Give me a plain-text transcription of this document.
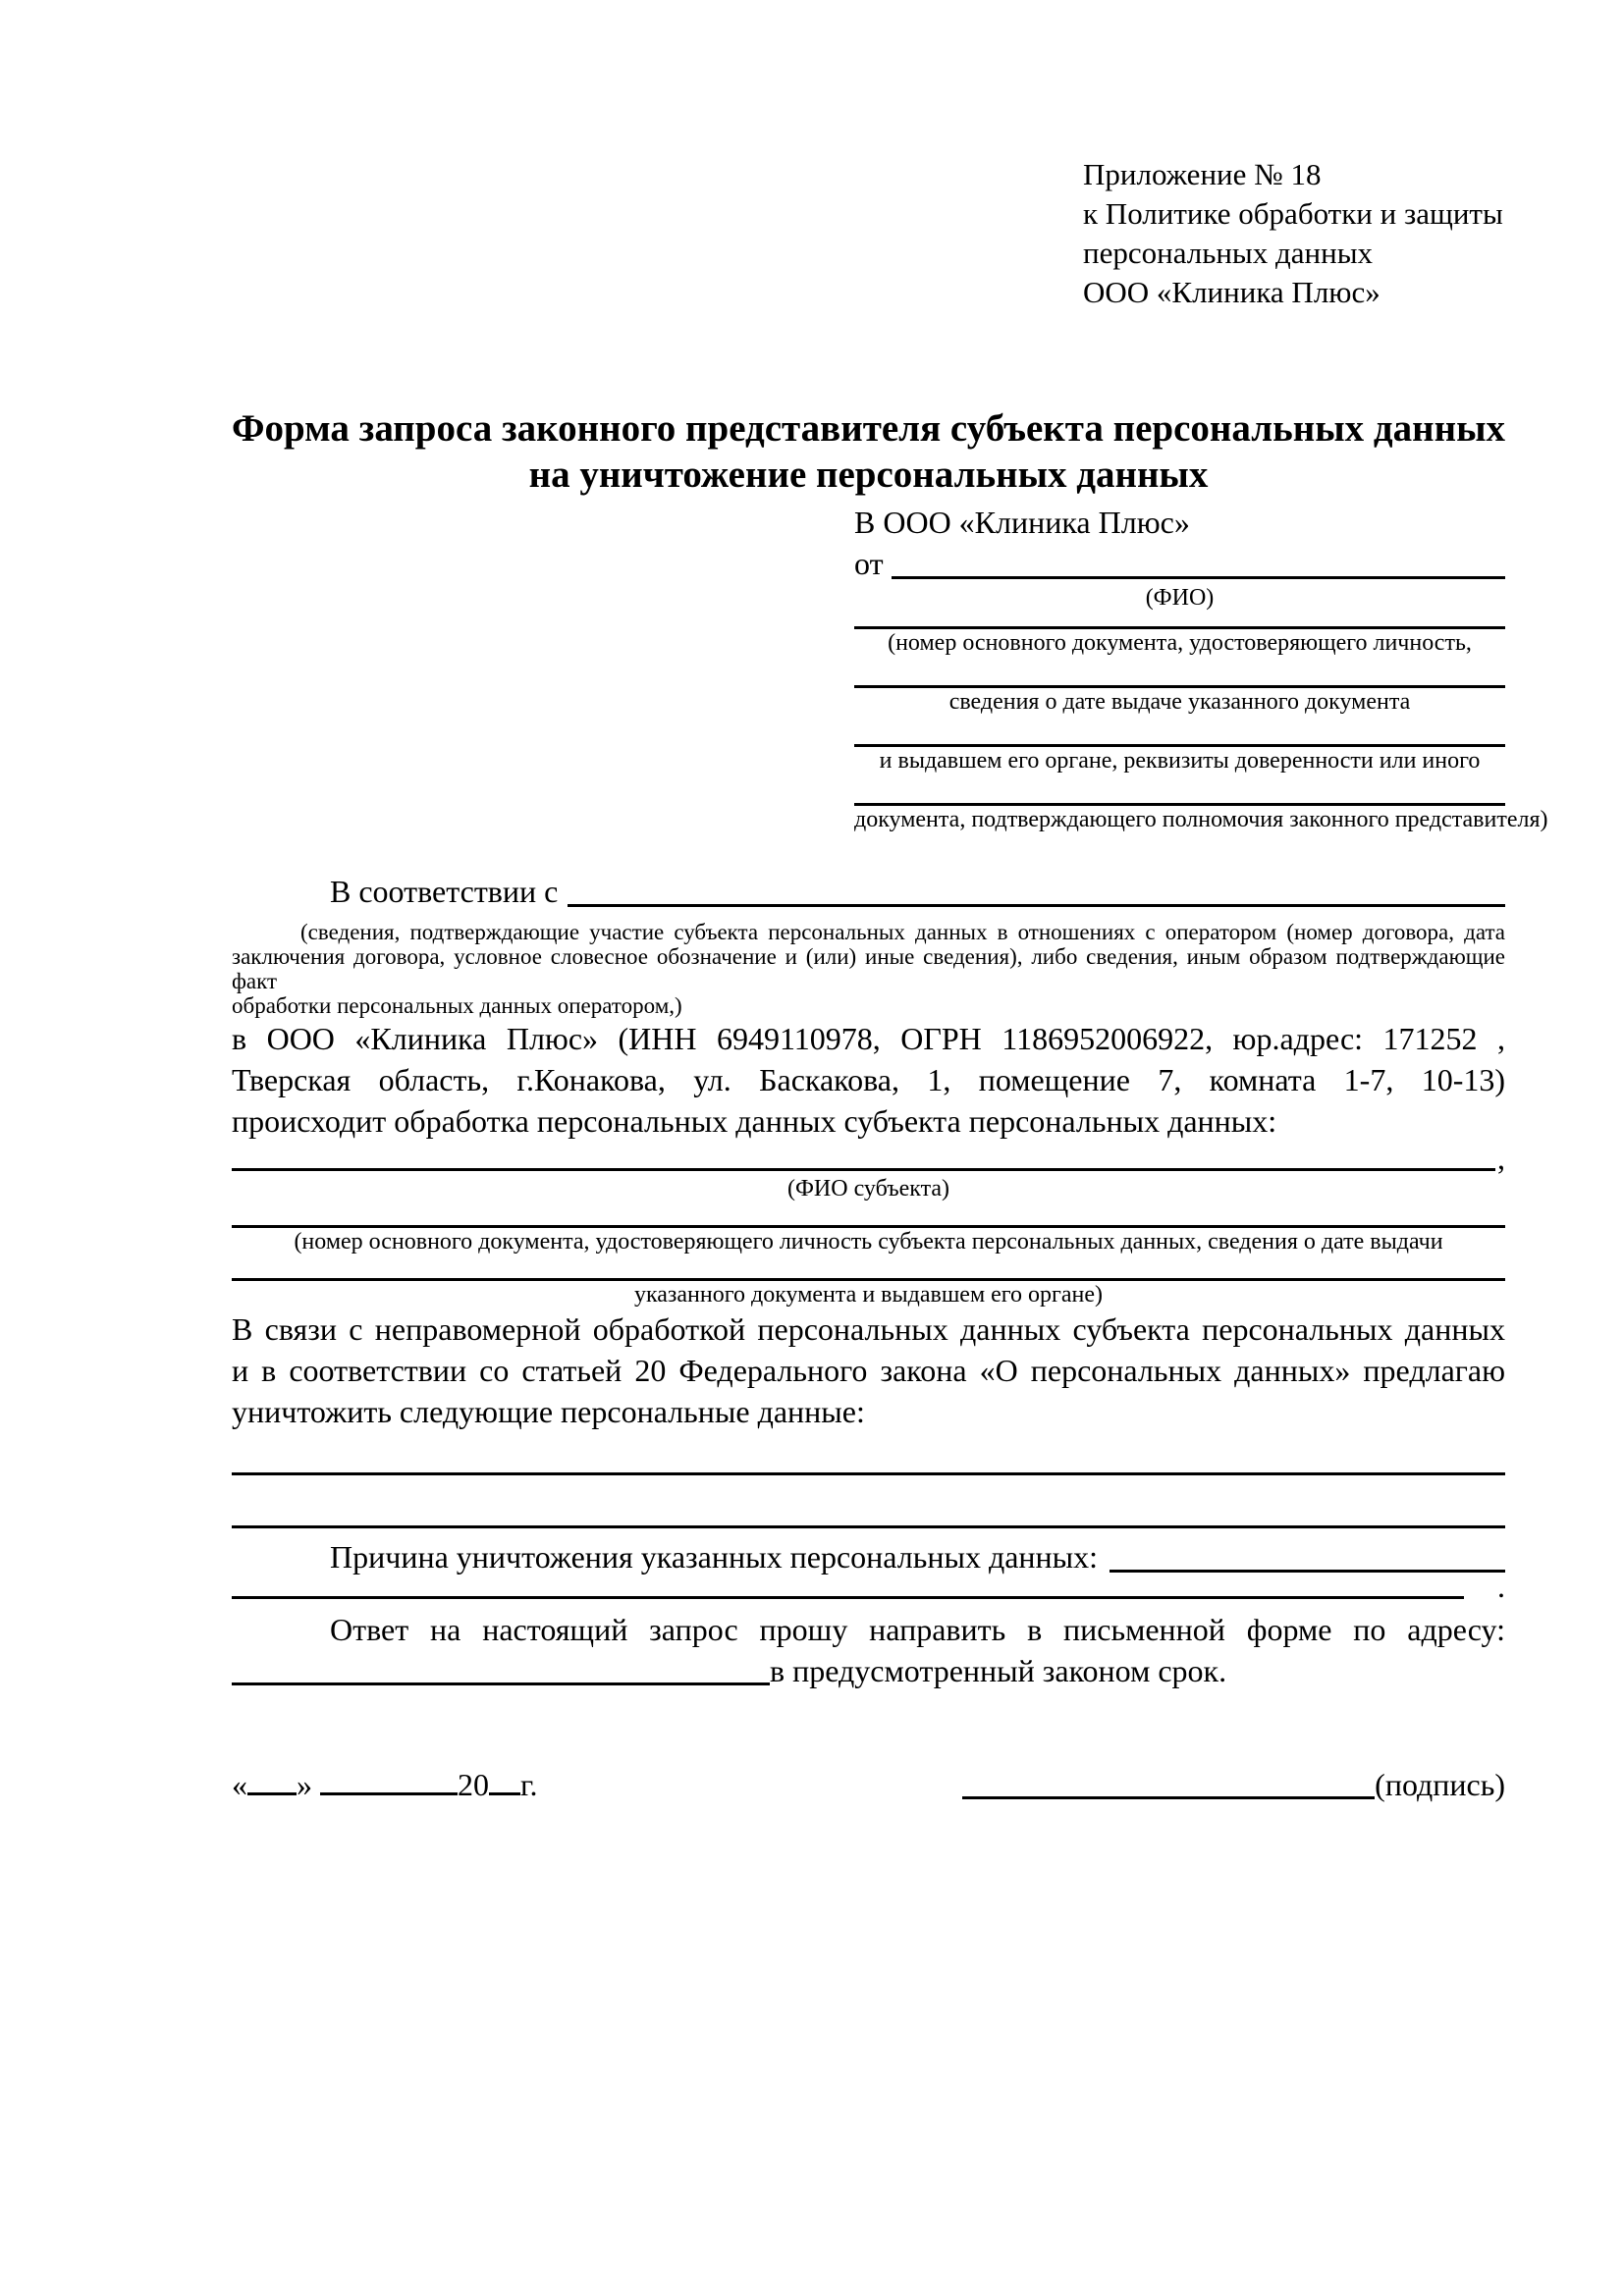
Приложение № 18
к Политике обработки и защиты
персональных данных
ООО «Клиника Плюс»
Форма запроса законного представителя субъекта персональных данных
на уничтожение персональных данных
В ООО «Клиника Плюс»
от
(ФИО)
(номер основного документа, удостоверяющего личность,
сведения о дате выдаче указанного документа
и выдавшем его органе, реквизиты доверенности или иного
документа, подтверждающего полномочия законного представителя)
В соответствии с
(сведения, подтверждающие участие субъекта персональных данных в отношениях с оператором (номер договора, дата
заключения договора, условное словесное обозначение и (или) иные сведения), либо сведения, иным образом подтверждающие факт
обработки персональных данных оператором,)
в ООО «Клиника Плюс» (ИНН 6949110978, ОГРН 1186952006922, юр.адрес: 171252 ,
Тверская область, г.Конакова, ул. Баскакова, 1, помещение 7, комната 1-7, 10-13)
происходит обработка персональных данных субъекта персональных данных:
,
(ФИО субъекта)
(номер основного документа, удостоверяющего личность субъекта персональных данных, сведения о дате выдачи
указанного документа и выдавшем его органе)
В связи с неправомерной обработкой персональных данных субъекта персональных данных
и в соответствии со статьей 20 Федерального закона «О персональных данных» предлагаю
уничтожить следующие персональные данные:
Причина уничтожения указанных персональных данных:
.
Ответ на настоящий запрос прошу направить в письменной форме по адресу:
в предусмотренный законом срок.
« »	20 г.	(подпись)
